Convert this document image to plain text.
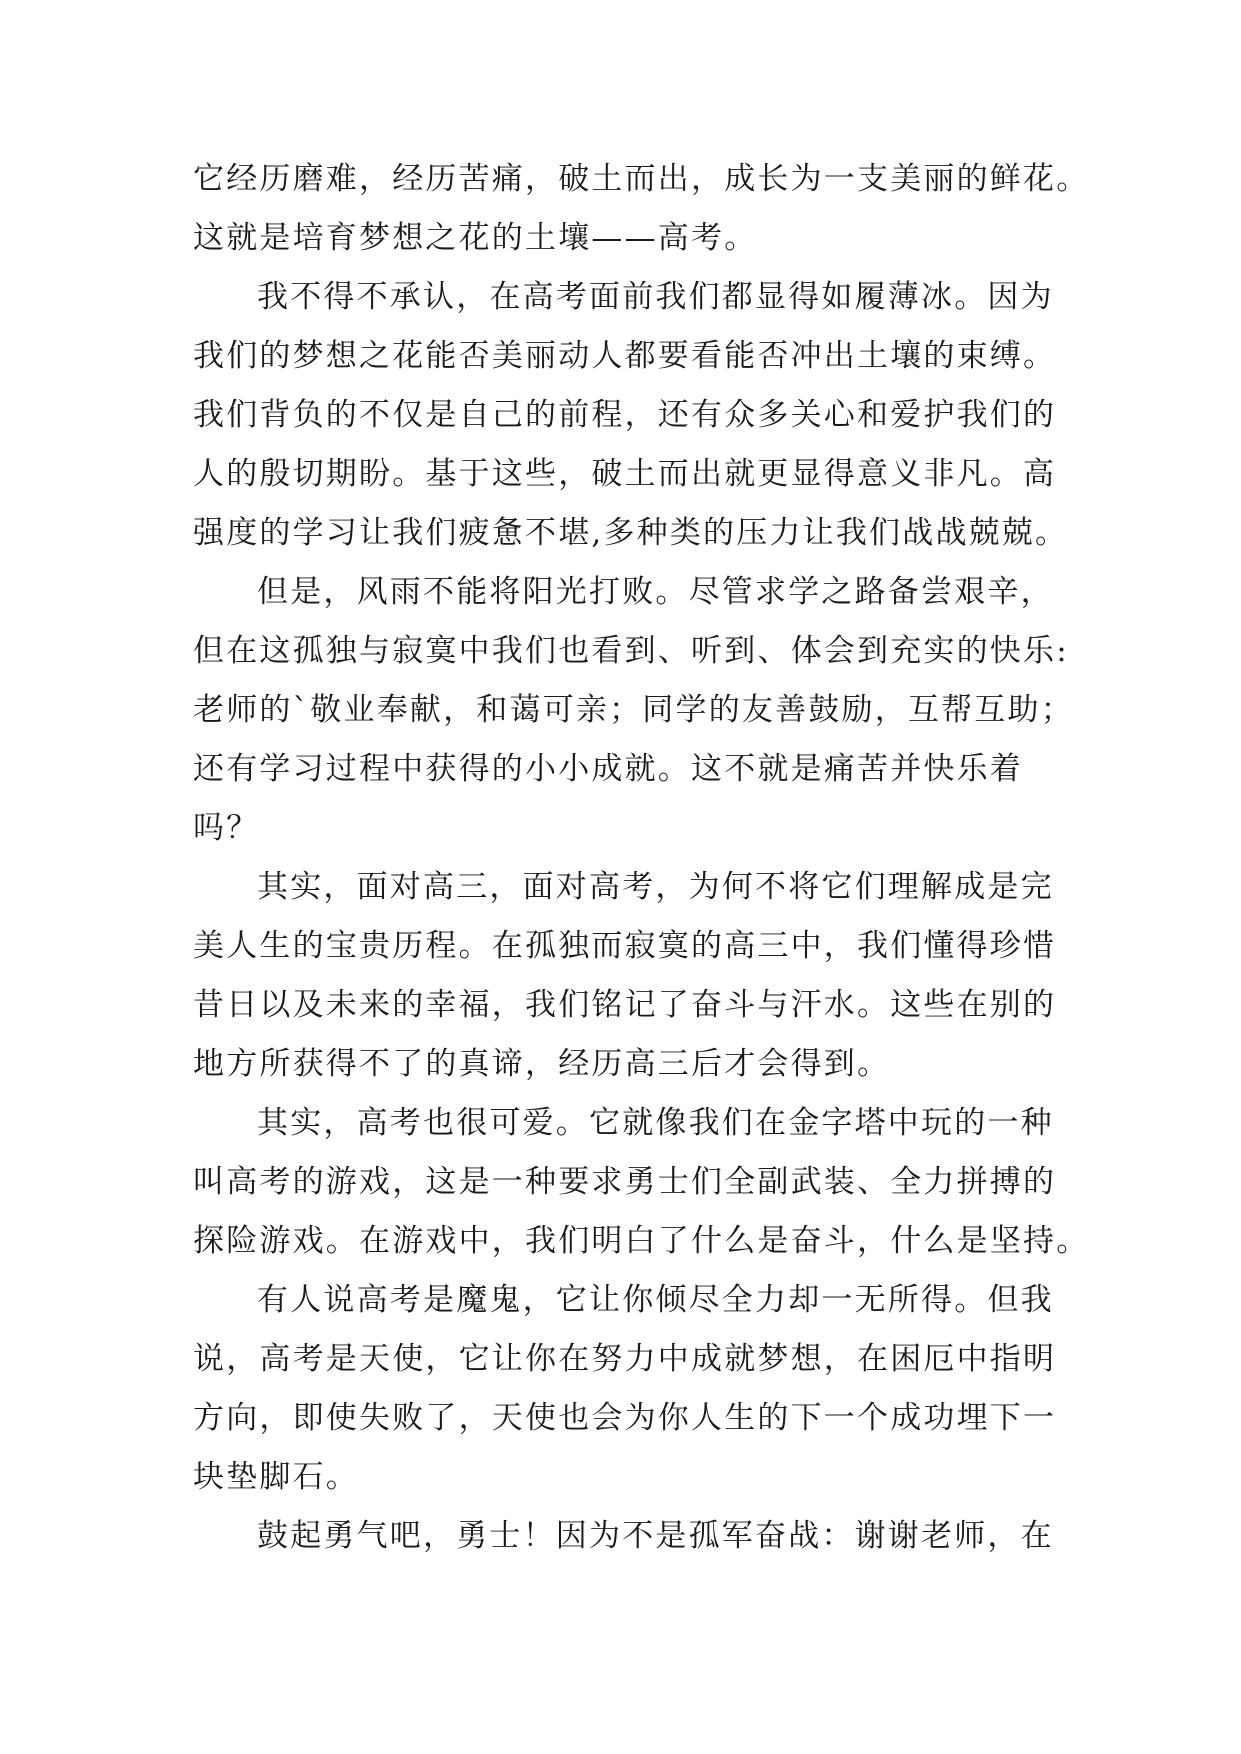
它经历磨难，经历苦痛，破土而出，成长为一支美丽的鲜花。
这就是培育梦想之花的土壤——高考。
我不得不承认，在高考面前我们都显得如履薄冰。因为
我们的梦想之花能否美丽动人都要看能否冲出土壤的束缚。
我们背负的不仅是自己的前程，还有众多关心和爱护我们的
人的殷切期盼。基于这些，破土而出就更显得意义非凡。高
强度的学习让我们疲惫不堪,多种类的压力让我们战战兢兢。
但是，风雨不能将阳光打败。尽管求学之路备尝艰辛，
但在这孤独与寂寞中我们也看到、听到、体会到充实的快乐:
老师的`敬业奉献，和蔼可亲；同学的友善鼓励，互帮互助；
还有学习过程中获得的小小成就。这不就是痛苦并快乐着
吗？
其实，面对高三，面对高考，为何不将它们理解成是完
美人生的宝贵历程。在孤独而寂寞的高三中，我们懂得珍惜
昔日以及未来的幸福，我们铭记了奋斗与汗水。这些在别的
地方所获得不了的真谛，经历高三后才会得到。
其实，高考也很可爱。它就像我们在金字塔中玩的一种
叫高考的游戏，这是一种要求勇士们全副武装、全力拼搏的
探险游戏。在游戏中，我们明白了什么是奋斗，什么是坚持。
有人说高考是魔鬼，它让你倾尽全力却一无所得。但我
说，高考是天使，它让你在努力中成就梦想，在困厄中指明
方向，即使失败了，天使也会为你人生的下一个成功埋下一
块垫脚石。
鼓起勇气吧，勇士！因为不是孤军奋战：谢谢老师，在
